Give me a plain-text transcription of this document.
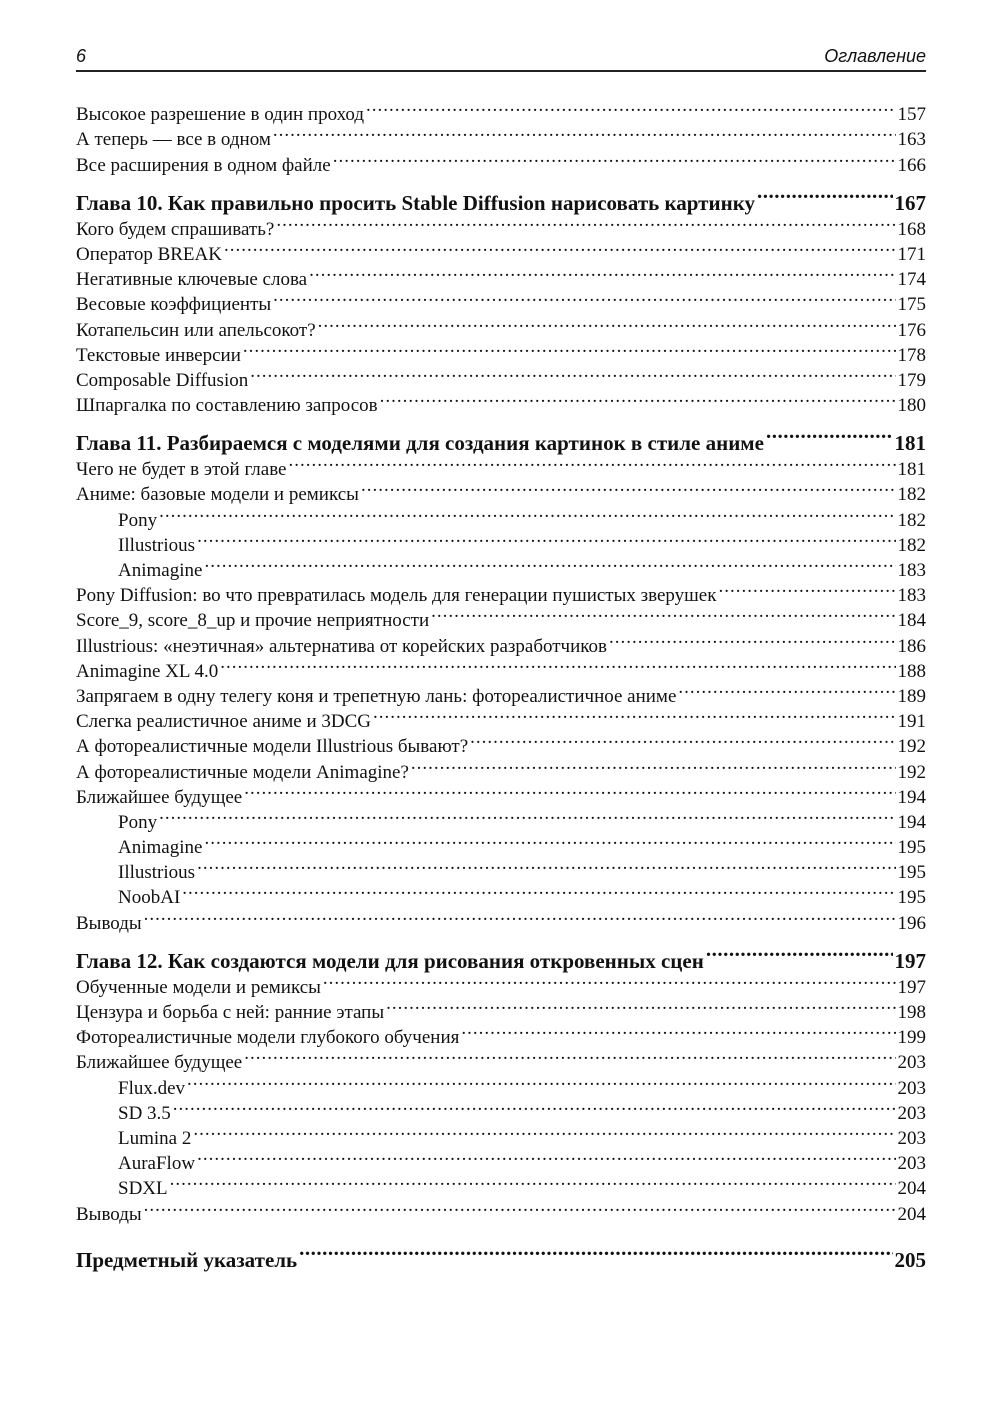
6	Оглавление
Высокое разрешение в один проход .....	157
А теперь — все в одном .....	163
Все расширения в одном файле .....	166
Глава 10. Как правильно просить Stable Diffusion нарисовать картинку .....	167
Кого будем спрашивать? .....	168
Оператор BREAK .....	171
Негативные ключевые слова .....	174
Весовые коэффициенты .....	175
Котапельсин или апельсокот? .....	176
Текстовые инверсии .....	178
Composable Diffusion .....	179
Шпаргалка по составлению запросов .....	180
Глава 11. Разбираемся с моделями для создания картинок в стиле аниме .....	181
Чего не будет в этой главе .....	181
Аниме: базовые модели и ремиксы .....	182
Pony .....	182
Illustrious .....	182
Animagine .....	183
Pony Diffusion: во что превратилась модель для генерации пушистых зверушек .....	183
Score_9, score_8_up и прочие неприятности .....	184
Illustrious: «неэтичная» альтернатива от корейских разработчиков .....	186
Animagine XL 4.0 .....	188
Запрягаем в одну телегу коня и трепетную лань: фотореалистичное аниме .....	189
Слегка реалистичное аниме и 3DCG .....	191
А фотореалистичные модели Illustrious бывают? .....	192
А фотореалистичные модели Animagine? .....	192
Ближайшее будущее .....	194
Pony .....	194
Animagine .....	195
Illustrious .....	195
NoobAI .....	195
Выводы .....	196
Глава 12. Как создаются модели для рисования откровенных сцен .....	197
Обученные модели и ремиксы .....	197
Цензура и борьба с ней: ранние этапы .....	198
Фотореалистичные модели глубокого обучения .....	199
Ближайшее будущее .....	203
Flux.dev .....	203
SD 3.5 .....	203
Lumina 2 .....	203
AuraFlow .....	203
SDXL .....	204
Выводы .....	204
Предметный указатель .....	205
